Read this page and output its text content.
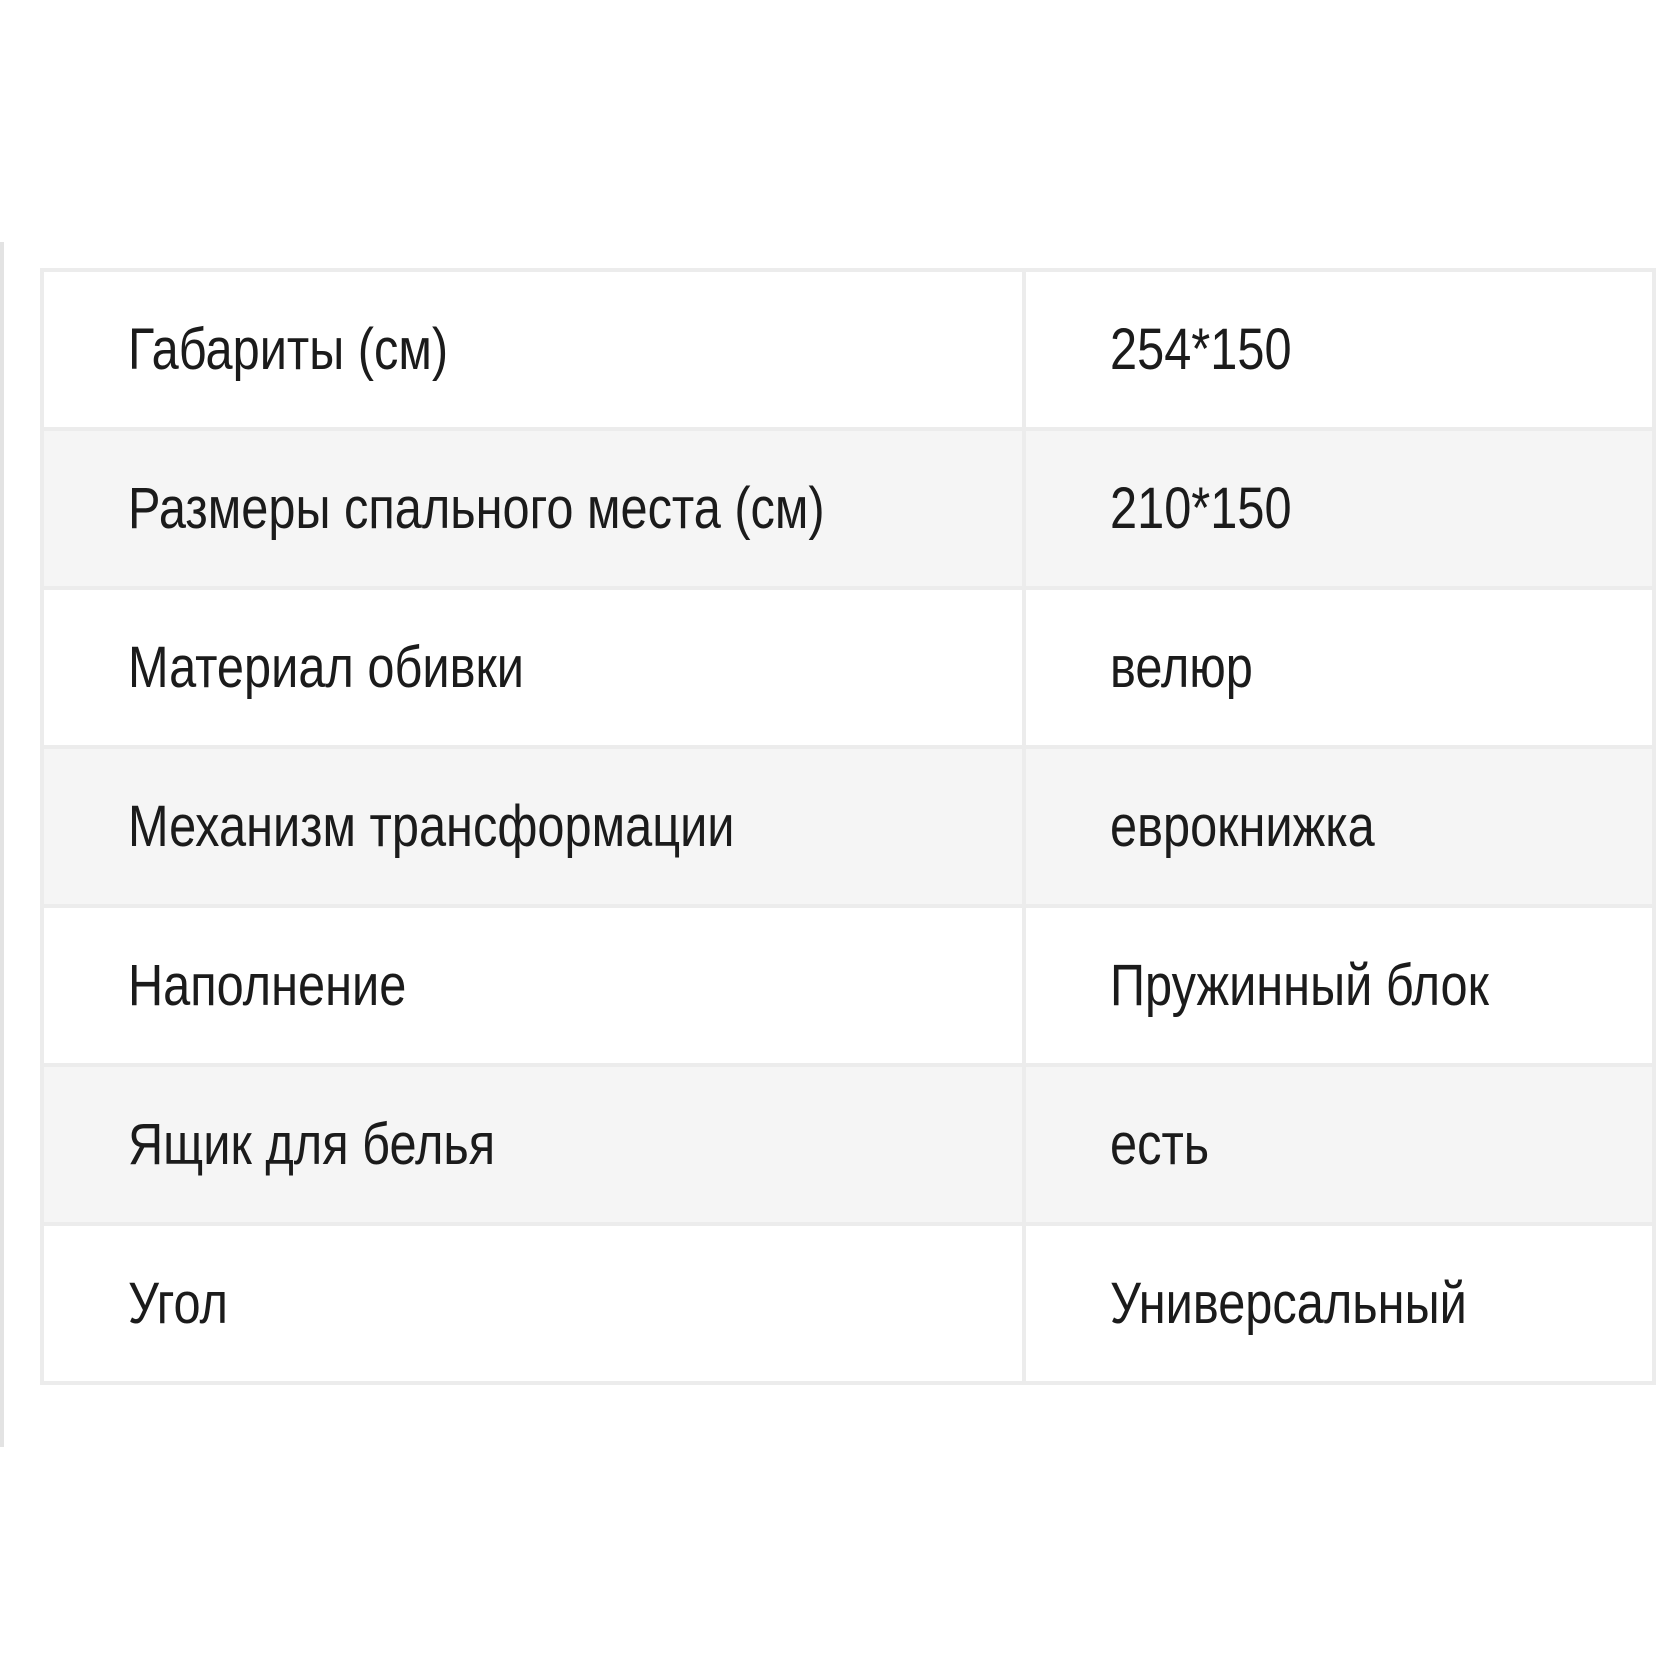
Габариты (см)	254*150
Размеры спального места (см)	210*150
Материал обивки	велюр
Механизм трансформации	еврокнижка
Наполнение	Пружинный блок
Ящик для белья	есть
Угол	Универсальный
